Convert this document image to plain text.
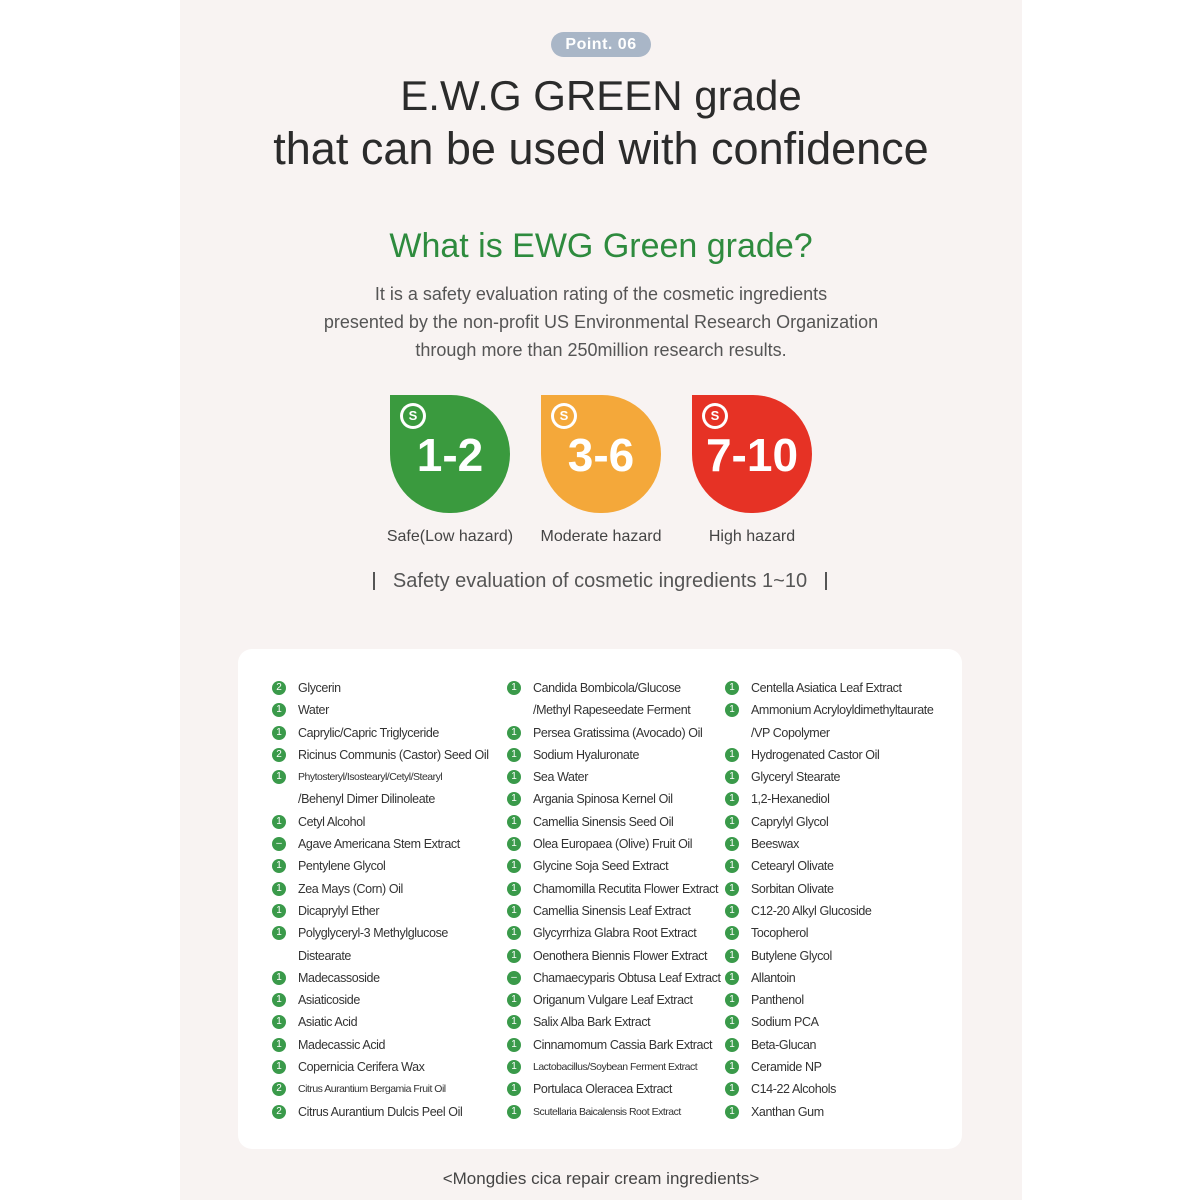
Point. 06
E.W.G GREEN grade
that can be used with confidence
What is EWG Green grade?
It is a safety evaluation rating of the cosmetic ingredients
presented by the non-profit US Environmental Research Organization
through more than 250million research results.
S
1-2
S
3-6
S
7-10
Safe(Low hazard)	Moderate hazard	High hazard
Safety evaluation of cosmetic ingredients 1~10
2	Glycerin
1	Water
1	Caprylic/Capric Triglyceride
2	Ricinus Communis (Castor) Seed Oil
1	Phytosteryl/Isostearyl/Cetyl/Stearyl
/Behenyl Dimer Dilinoleate
1	Cetyl Alcohol
–	Agave Americana Stem Extract
1	Pentylene Glycol
1	Zea Mays (Corn) Oil
1	Dicaprylyl Ether
1	Polyglyceryl-3 Methylglucose
Distearate
1	Madecassoside
1	Asiaticoside
1	Asiatic Acid
1	Madecassic Acid
1	Copernicia Cerifera Wax
2	Citrus Aurantium Bergamia Fruit Oil
2	Citrus Aurantium Dulcis Peel Oil
1	Candida Bombicola/Glucose
/Methyl Rapeseedate Ferment
1	Persea Gratissima (Avocado) Oil
1	Sodium Hyaluronate
1	Sea Water
1	Argania Spinosa Kernel Oil
1	Camellia Sinensis Seed Oil
1	Olea Europaea (Olive) Fruit Oil
1	Glycine Soja Seed Extract
1	Chamomilla Recutita Flower Extract
1	Camellia Sinensis Leaf Extract
1	Glycyrrhiza Glabra Root Extract
1	Oenothera Biennis Flower Extract
–	Chamaecyparis Obtusa Leaf Extract
1	Origanum Vulgare Leaf Extract
1	Salix Alba Bark Extract
1	Cinnamomum Cassia Bark Extract
1	Lactobacillus/Soybean Ferment Extract
1	Portulaca Oleracea Extract
1	Scutellaria Baicalensis Root Extract
1	Centella Asiatica Leaf Extract
1	Ammonium Acryloyldimethyltaurate
/VP Copolymer
1	Hydrogenated Castor Oil
1	Glyceryl Stearate
1	1,2-Hexanediol
1	Caprylyl Glycol
1	Beeswax
1	Cetearyl Olivate
1	Sorbitan Olivate
1	C12-20 Alkyl Glucoside
1	Tocopherol
1	Butylene Glycol
1	Allantoin
1	Panthenol
1	Sodium PCA
1	Beta-Glucan
1	Ceramide NP
1	C14-22 Alcohols
1	Xanthan Gum
<Mongdies cica repair cream ingredients>
